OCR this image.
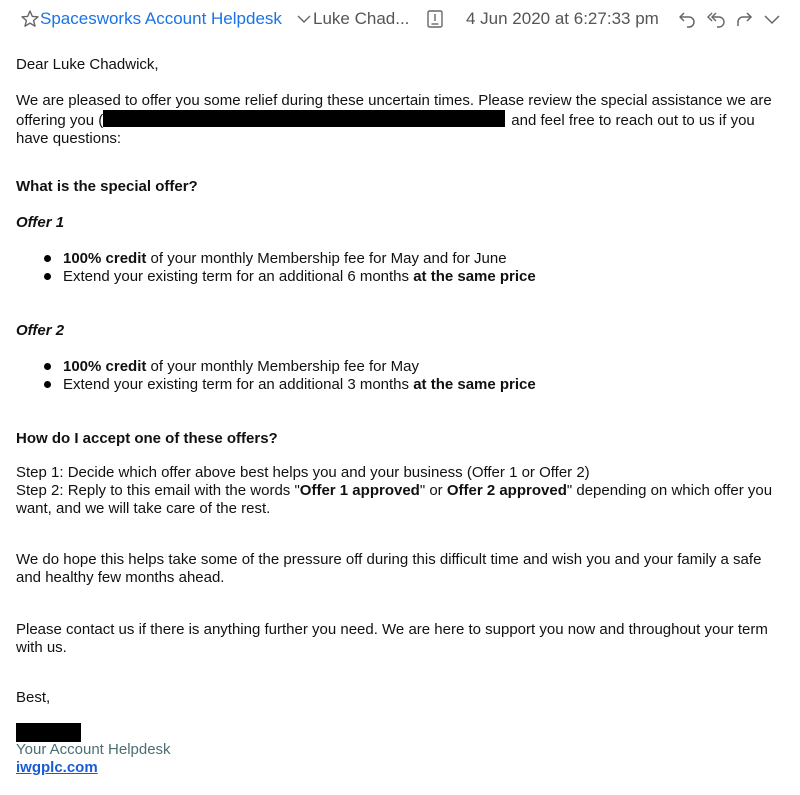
Spacesworks Account Helpdesk Luke Chad...	4 Jun 2020 at 6:27:33 pm

Dear Luke Chadwick,

We are pleased to offer you some relief during these uncertain times. Please review the special assistance we are offering you (	and feel free to reach out to us if you have questions:

What is the special offer?

Offer 1

100% credit of your monthly Membership fee for May and for June
Extend your existing term for an additional 6 months at the same price

Offer 2

100% credit of your monthly Membership fee for May
Extend your existing term for an additional 3 months at the same price

How do I accept one of these offers?

Step 1: Decide which offer above best helps you and your business (Offer 1 or Offer 2)

Step 2: Reply to this email with the words "Offer 1 approved" or Offer 2 approved" depending on which offer you want, and we will take care of the rest.

We do hope this helps take some of the pressure off during this difficult time and wish you and your family a safe and healthy few months ahead.

Please contact us if there is anything further you need. We are here to support you now and throughout your term with us.

Best,

Your Account Helpdesk

iwgplc.com
